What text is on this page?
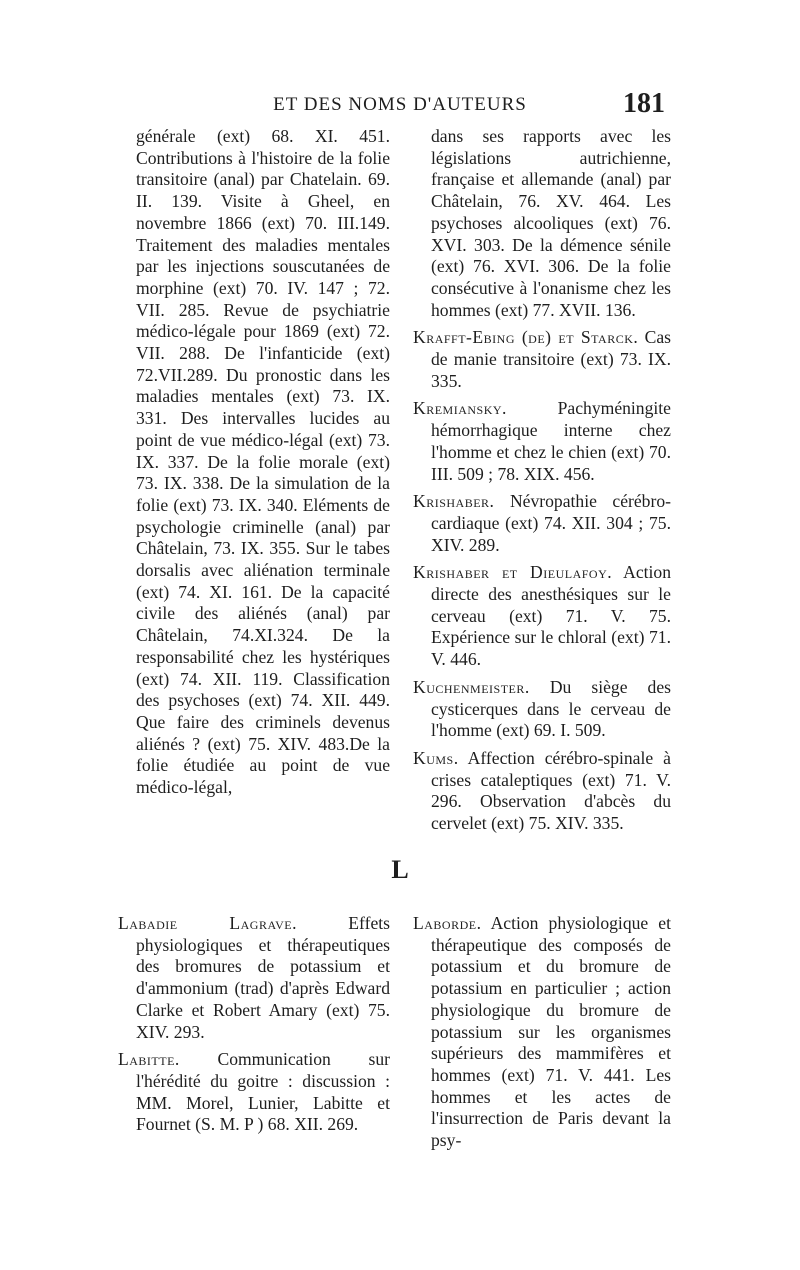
ET DES NOMS D'AUTEURS	181

générale (ext) 68. XI. 451. Contributions à l'histoire de la folie transitoire (anal) par Chatelain. 69. II. 139. Visite à Gheel, en novembre 1866 (ext) 70. III.149. Traitement des maladies mentales par les injections souscutanées de morphine (ext) 70. IV. 147 ; 72. VII. 285. Revue de psychiatrie médico-légale pour 1869 (ext) 72. VII. 288. De l'infanticide (ext) 72.VII.289. Du pronostic dans les maladies mentales (ext) 73. IX. 331. Des intervalles lucides au point de vue médico-légal (ext) 73. IX. 337. De la folie morale (ext) 73. IX. 338. De la simulation de la folie (ext) 73. IX. 340. Eléments de psychologie criminelle (anal) par Châtelain, 73. IX. 355. Sur le tabes dorsalis avec aliénation terminale (ext) 74. XI. 161. De la capacité civile des aliénés (anal) par Châtelain, 74.XI.324. De la responsabilité chez les hystériques (ext) 74. XII. 119. Classification des psychoses (ext) 74. XII. 449. Que faire des criminels devenus aliénés ? (ext) 75. XIV. 483.De la folie étudiée au point de vue médico-légal,

dans ses rapports avec les législations autrichienne, française et allemande (anal) par Châtelain, 76. XV. 464. Les psychoses alcooliques (ext) 76. XVI. 303. De la démence sénile (ext) 76. XVI. 306. De la folie consécutive à l'onanisme chez les hommes (ext) 77. XVII. 136.

Krafft-Ebing (de) et Starck. Cas de manie transitoire (ext) 73. IX. 335.

Kremiansky. Pachyméningite hémorrhagique interne chez l'homme et chez le chien (ext) 70. III. 509 ; 78. XIX. 456.

Krishaber. Névropathie cérébro-cardiaque (ext) 74. XII. 304 ; 75. XIV. 289.

Krishaber et Dieulafoy. Action directe des anesthésiques sur le cerveau (ext) 71. V. 75. Expérience sur le chloral (ext) 71. V. 446.

Kuchenmeister. Du siège des cysticerques dans le cerveau de l'homme (ext) 69. I. 509.

Kums. Affection cérébro-spinale à crises cataleptiques (ext) 71. V. 296. Observation d'abcès du cervelet (ext) 75. XIV. 335.

L

Labadie Lagrave. Effets physiologiques et thérapeutiques des bromures de potassium et d'ammonium (trad) d'après Edward Clarke et Robert Amary (ext) 75. XIV. 293.

Labitte. Communication sur l'hérédité du goitre : discussion : MM. Morel, Lunier, Labitte et Fournet (S. M. P ) 68. XII. 269.

Laborde. Action physiologique et thérapeutique des composés de potassium et du bromure de potassium en particulier ; action physiologique du bromure de potassium sur les organismes supérieurs des mammifères et hommes (ext) 71. V. 441. Les hommes et les actes de l'insurrection de Paris devant la psy-
